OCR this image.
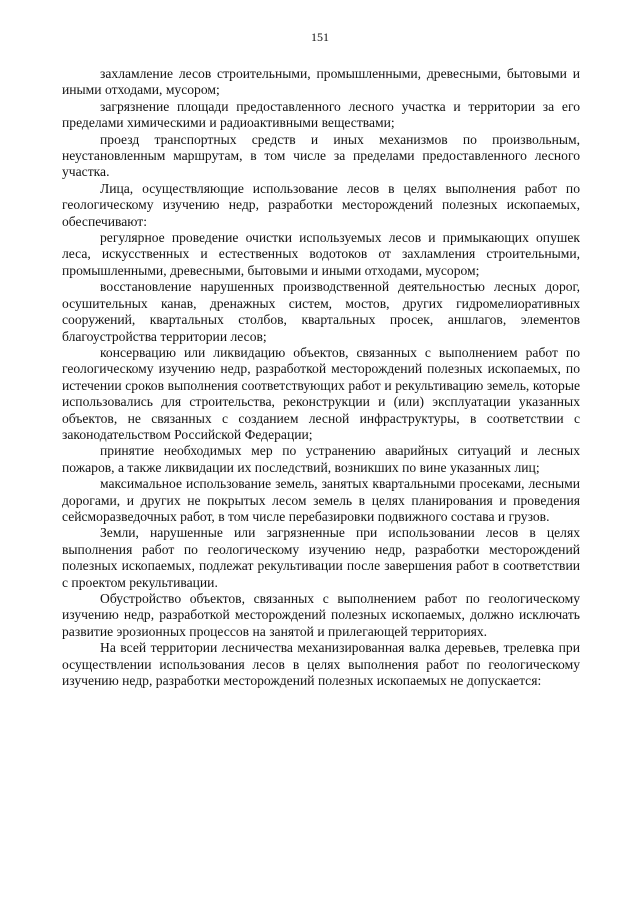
151

захламление лесов строительными, промышленными, древесными, бытовыми и иными отходами, мусором;

загрязнение площади предоставленного лесного участка и территории за его пределами химическими и радиоактивными веществами;

проезд транспортных средств и иных механизмов по произвольным, неустановленным маршрутам, в том числе за пределами предоставленного лесного участка.

Лица, осуществляющие использование лесов в целях выполнения работ по геологическому изучению недр, разработки месторождений полезных ископаемых, обеспечивают:

регулярное проведение очистки используемых лесов и примыкающих опушек леса, искусственных и естественных водотоков от захламления строительными, промышленными, древесными, бытовыми и иными отходами, мусором;

восстановление нарушенных производственной деятельностью лесных дорог, осушительных канав, дренажных систем, мостов, других гидромелиоративных сооружений, квартальных столбов, квартальных просек, аншлагов, элементов благоустройства территории лесов;

консервацию или ликвидацию объектов, связанных с выполнением работ по геологическому изучению недр, разработкой месторождений полезных ископаемых, по истечении сроков выполнения соответствующих работ и рекультивацию земель, которые использовались для строительства, реконструкции и (или) эксплуатации указанных объектов, не связанных с созданием лесной инфраструктуры, в соответствии с законодательством Российской Федерации;

принятие необходимых мер по устранению аварийных ситуаций и лесных пожаров, а также ликвидации их последствий, возникших по вине указанных лиц;

максимальное использование земель, занятых квартальными просеками, лесными дорогами, и других не покрытых лесом земель в целях планирования и проведения сейсморазведочных работ, в том числе перебазировки подвижного состава и грузов.

Земли, нарушенные или загрязненные при использовании лесов в целях выполнения работ по геологическому изучению недр, разработки месторождений полезных ископаемых, подлежат рекультивации после завершения работ в соответствии с проектом рекультивации.

Обустройство объектов, связанных с выполнением работ по геологическому изучению недр, разработкой месторождений полезных ископаемых, должно исключать развитие эрозионных процессов на занятой и прилегающей территориях.

На всей территории лесничества механизированная валка деревьев, трелевка при осуществлении использования лесов в целях выполнения работ по геологическому изучению недр, разработки месторождений полезных ископаемых не допускается:
